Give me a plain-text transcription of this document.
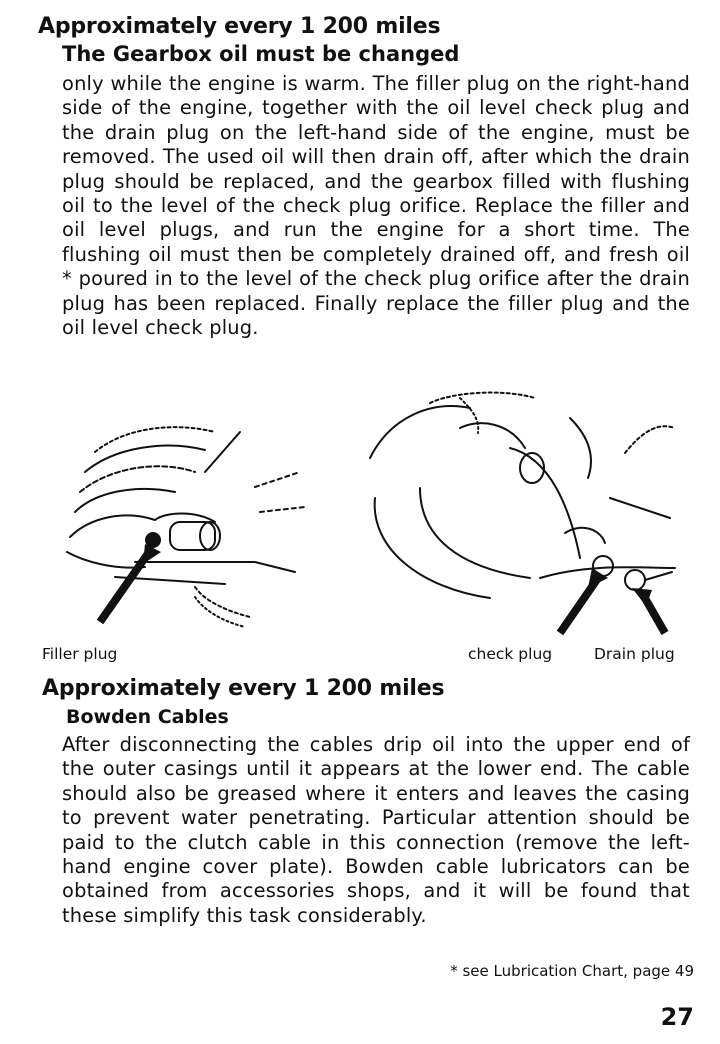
Approximately every 1 200 miles
The Gearbox oil must be changed

only while the engine is warm. The filler plug on the right-hand side of the engine, together with the oil level check plug and the drain plug on the left-hand side of the engine, must be removed. The used oil will then drain off, after which the drain plug should be replaced, and the gearbox filled with flushing oil to the level of the check plug orifice. Replace the filler and oil level plugs, and run the engine for a short time. The flushing oil must then be completely drained off, and fresh oil * poured in to the level of the check plug orifice after the drain plug has been replaced. Finally replace the filler plug and the oil level check plug.

Filler plug	check plug	Drain plug
Approximately every 1 200 miles
Bowden Cables

After disconnecting the cables drip oil into the upper end of the outer casings until it appears at the lower end. The cable should also be greased where it enters and leaves the casing to prevent water penetrating. Particular attention should be paid to the clutch cable in this connection (remove the left-hand engine cover plate). Bowden cable lubricators can be obtained from accessories shops, and it will be found that these simplify this task considerably.

* see Lubrication Chart, page 49
27
